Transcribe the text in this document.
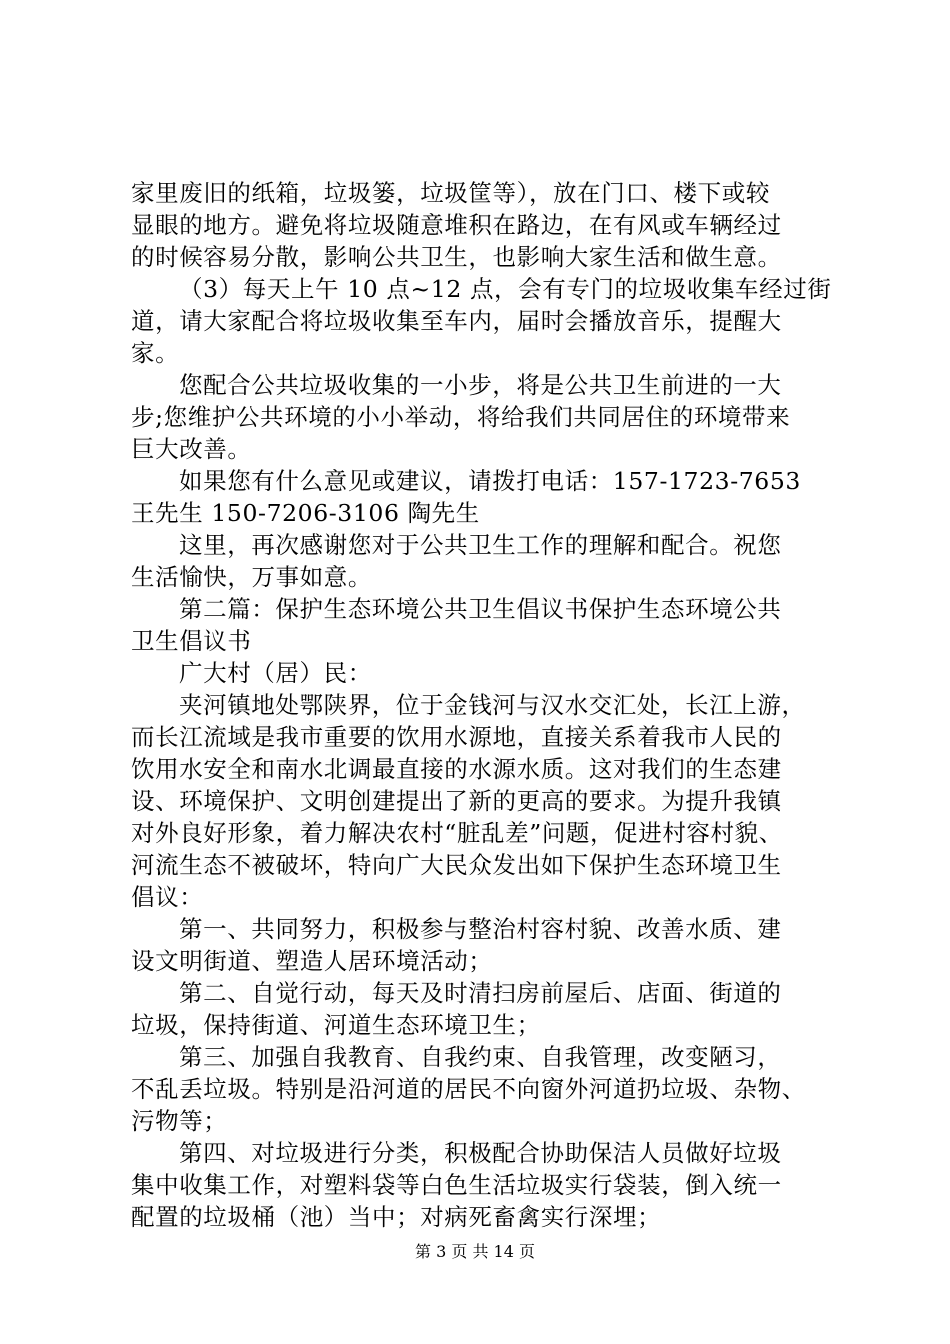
家里废旧的纸箱，垃圾篓，垃圾筐等），放在门口、楼下或较
显眼的地方。避免将垃圾随意堆积在路边，在有风或车辆经过
的时候容易分散，影响公共卫生，也影响大家生活和做生意。
（3）每天上午 10 点~12 点，会有专门的垃圾收集车经过街
道，请大家配合将垃圾收集至车内，届时会播放音乐，提醒大
家。
您配合公共垃圾收集的一小步，将是公共卫生前进的一大
步;您维护公共环境的小小举动，将给我们共同居住的环境带来
巨大改善。
如果您有什么意见或建议，请拨打电话：157-1723-7653
王先生 150-7206-3106 陶先生
这里，再次感谢您对于公共卫生工作的理解和配合。祝您
生活愉快，万事如意。
第二篇：保护生态环境公共卫生倡议书保护生态环境公共
卫生倡议书
广大村（居）民：
夹河镇地处鄂陕界，位于金钱河与汉水交汇处，长江上游，
而长江流域是我市重要的饮用水源地，直接关系着我市人民的
饮用水安全和南水北调最直接的水源水质。这对我们的生态建
设、环境保护、文明创建提出了新的更高的要求。为提升我镇
对外良好形象，着力解决农村“脏乱差”问题，促进村容村貌、
河流生态不被破坏，特向广大民众发出如下保护生态环境卫生
倡议：
第一、共同努力，积极参与整治村容村貌、改善水质、建
设文明街道、塑造人居环境活动；
第二、自觉行动，每天及时清扫房前屋后、店面、街道的
垃圾，保持街道、河道生态环境卫生；
第三、加强自我教育、自我约束、自我管理，改变陋习，
不乱丢垃圾。特别是沿河道的居民不向窗外河道扔垃圾、杂物、
污物等；
第四、对垃圾进行分类，积极配合协助保洁人员做好垃圾
集中收集工作，对塑料袋等白色生活垃圾实行袋装，倒入统一
配置的垃圾桶（池）当中；对病死畜禽实行深埋；
第 3 页 共 14 页
